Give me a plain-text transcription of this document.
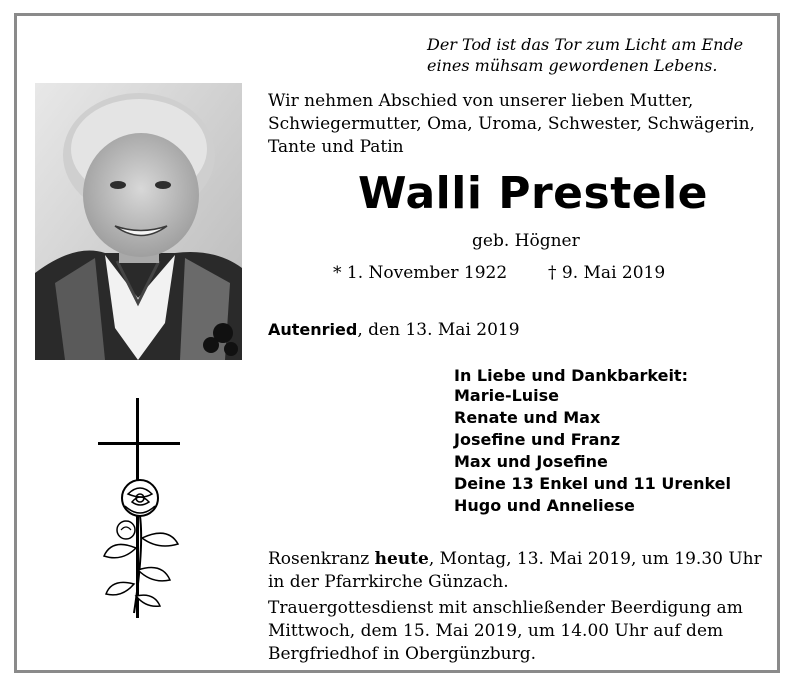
Der Tod ist das Tor zum Licht am Ende
eines mühsam gewordenen Lebens.
Wir nehmen Abschied von unserer lieben Mutter,
Schwiegermutter, Oma, Uroma, Schwester, Schwägerin,
Tante und Patin
Walli Prestele
geb. Högner
* 1. November 1922 † 9. Mai 2019
Autenried, den 13. Mai 2019
In Liebe und Dankbarkeit:
Marie-Luise
Renate und Max
Josefine und Franz
Max und Josefine
Deine 13 Enkel und 11 Urenkel
Hugo und Anneliese
Rosenkranz heute, Montag, 13. Mai 2019, um 19.30 Uhr
in der Pfarrkirche Günzach.
Trauergottesdienst mit anschließender Beerdigung am
Mittwoch, dem 15. Mai 2019, um 14.00 Uhr auf dem
Bergfriedhof in Obergünzburg.
